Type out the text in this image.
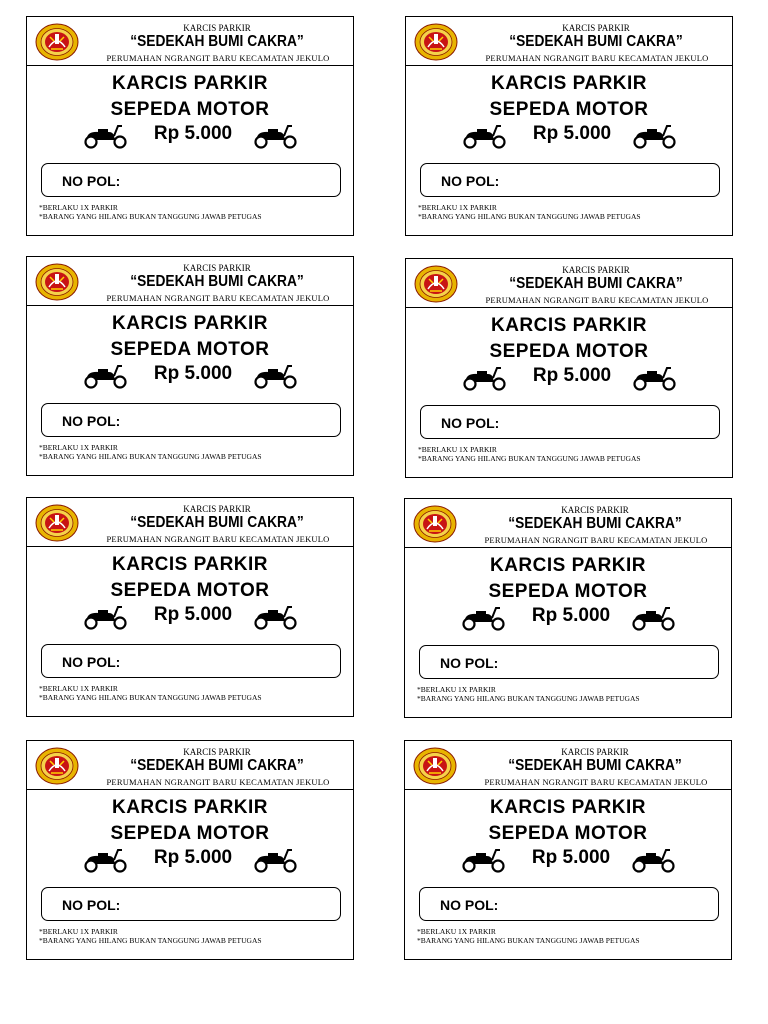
KARCIS PARKIR
“SEDEKAH BUMI CAKRA”
PERUMAHAN NGRANGIT BARU KECAMATAN JEKULO
KARCIS PARKIR
SEPEDA MOTOR
Rp 5.000
NO POL:
*BERLAKU 1X PARKIR
*BARANG YANG HILANG BUKAN TANGGUNG JAWAB PETUGAS
KARCIS PARKIR
“SEDEKAH BUMI CAKRA”
PERUMAHAN NGRANGIT BARU KECAMATAN JEKULO
KARCIS PARKIR
SEPEDA MOTOR
Rp 5.000
NO POL:
*BERLAKU 1X PARKIR
*BARANG YANG HILANG BUKAN TANGGUNG JAWAB PETUGAS
KARCIS PARKIR
“SEDEKAH BUMI CAKRA”
PERUMAHAN NGRANGIT BARU KECAMATAN JEKULO
KARCIS PARKIR
SEPEDA MOTOR
Rp 5.000
NO POL:
*BERLAKU 1X PARKIR
*BARANG YANG HILANG BUKAN TANGGUNG JAWAB PETUGAS
KARCIS PARKIR
“SEDEKAH BUMI CAKRA”
PERUMAHAN NGRANGIT BARU KECAMATAN JEKULO
KARCIS PARKIR
SEPEDA MOTOR
Rp 5.000
NO POL:
*BERLAKU 1X PARKIR
*BARANG YANG HILANG BUKAN TANGGUNG JAWAB PETUGAS
KARCIS PARKIR
“SEDEKAH BUMI CAKRA”
PERUMAHAN NGRANGIT BARU KECAMATAN JEKULO
KARCIS PARKIR
SEPEDA MOTOR
Rp 5.000
NO POL:
*BERLAKU 1X PARKIR
*BARANG YANG HILANG BUKAN TANGGUNG JAWAB PETUGAS
KARCIS PARKIR
“SEDEKAH BUMI CAKRA”
PERUMAHAN NGRANGIT BARU KECAMATAN JEKULO
KARCIS PARKIR
SEPEDA MOTOR
Rp 5.000
NO POL:
*BERLAKU 1X PARKIR
*BARANG YANG HILANG BUKAN TANGGUNG JAWAB PETUGAS
KARCIS PARKIR
“SEDEKAH BUMI CAKRA”
PERUMAHAN NGRANGIT BARU KECAMATAN JEKULO
KARCIS PARKIR
SEPEDA MOTOR
Rp 5.000
NO POL:
*BERLAKU 1X PARKIR
*BARANG YANG HILANG BUKAN TANGGUNG JAWAB PETUGAS
KARCIS PARKIR
“SEDEKAH BUMI CAKRA”
PERUMAHAN NGRANGIT BARU KECAMATAN JEKULO
KARCIS PARKIR
SEPEDA MOTOR
Rp 5.000
NO POL:
*BERLAKU 1X PARKIR
*BARANG YANG HILANG BUKAN TANGGUNG JAWAB PETUGAS
